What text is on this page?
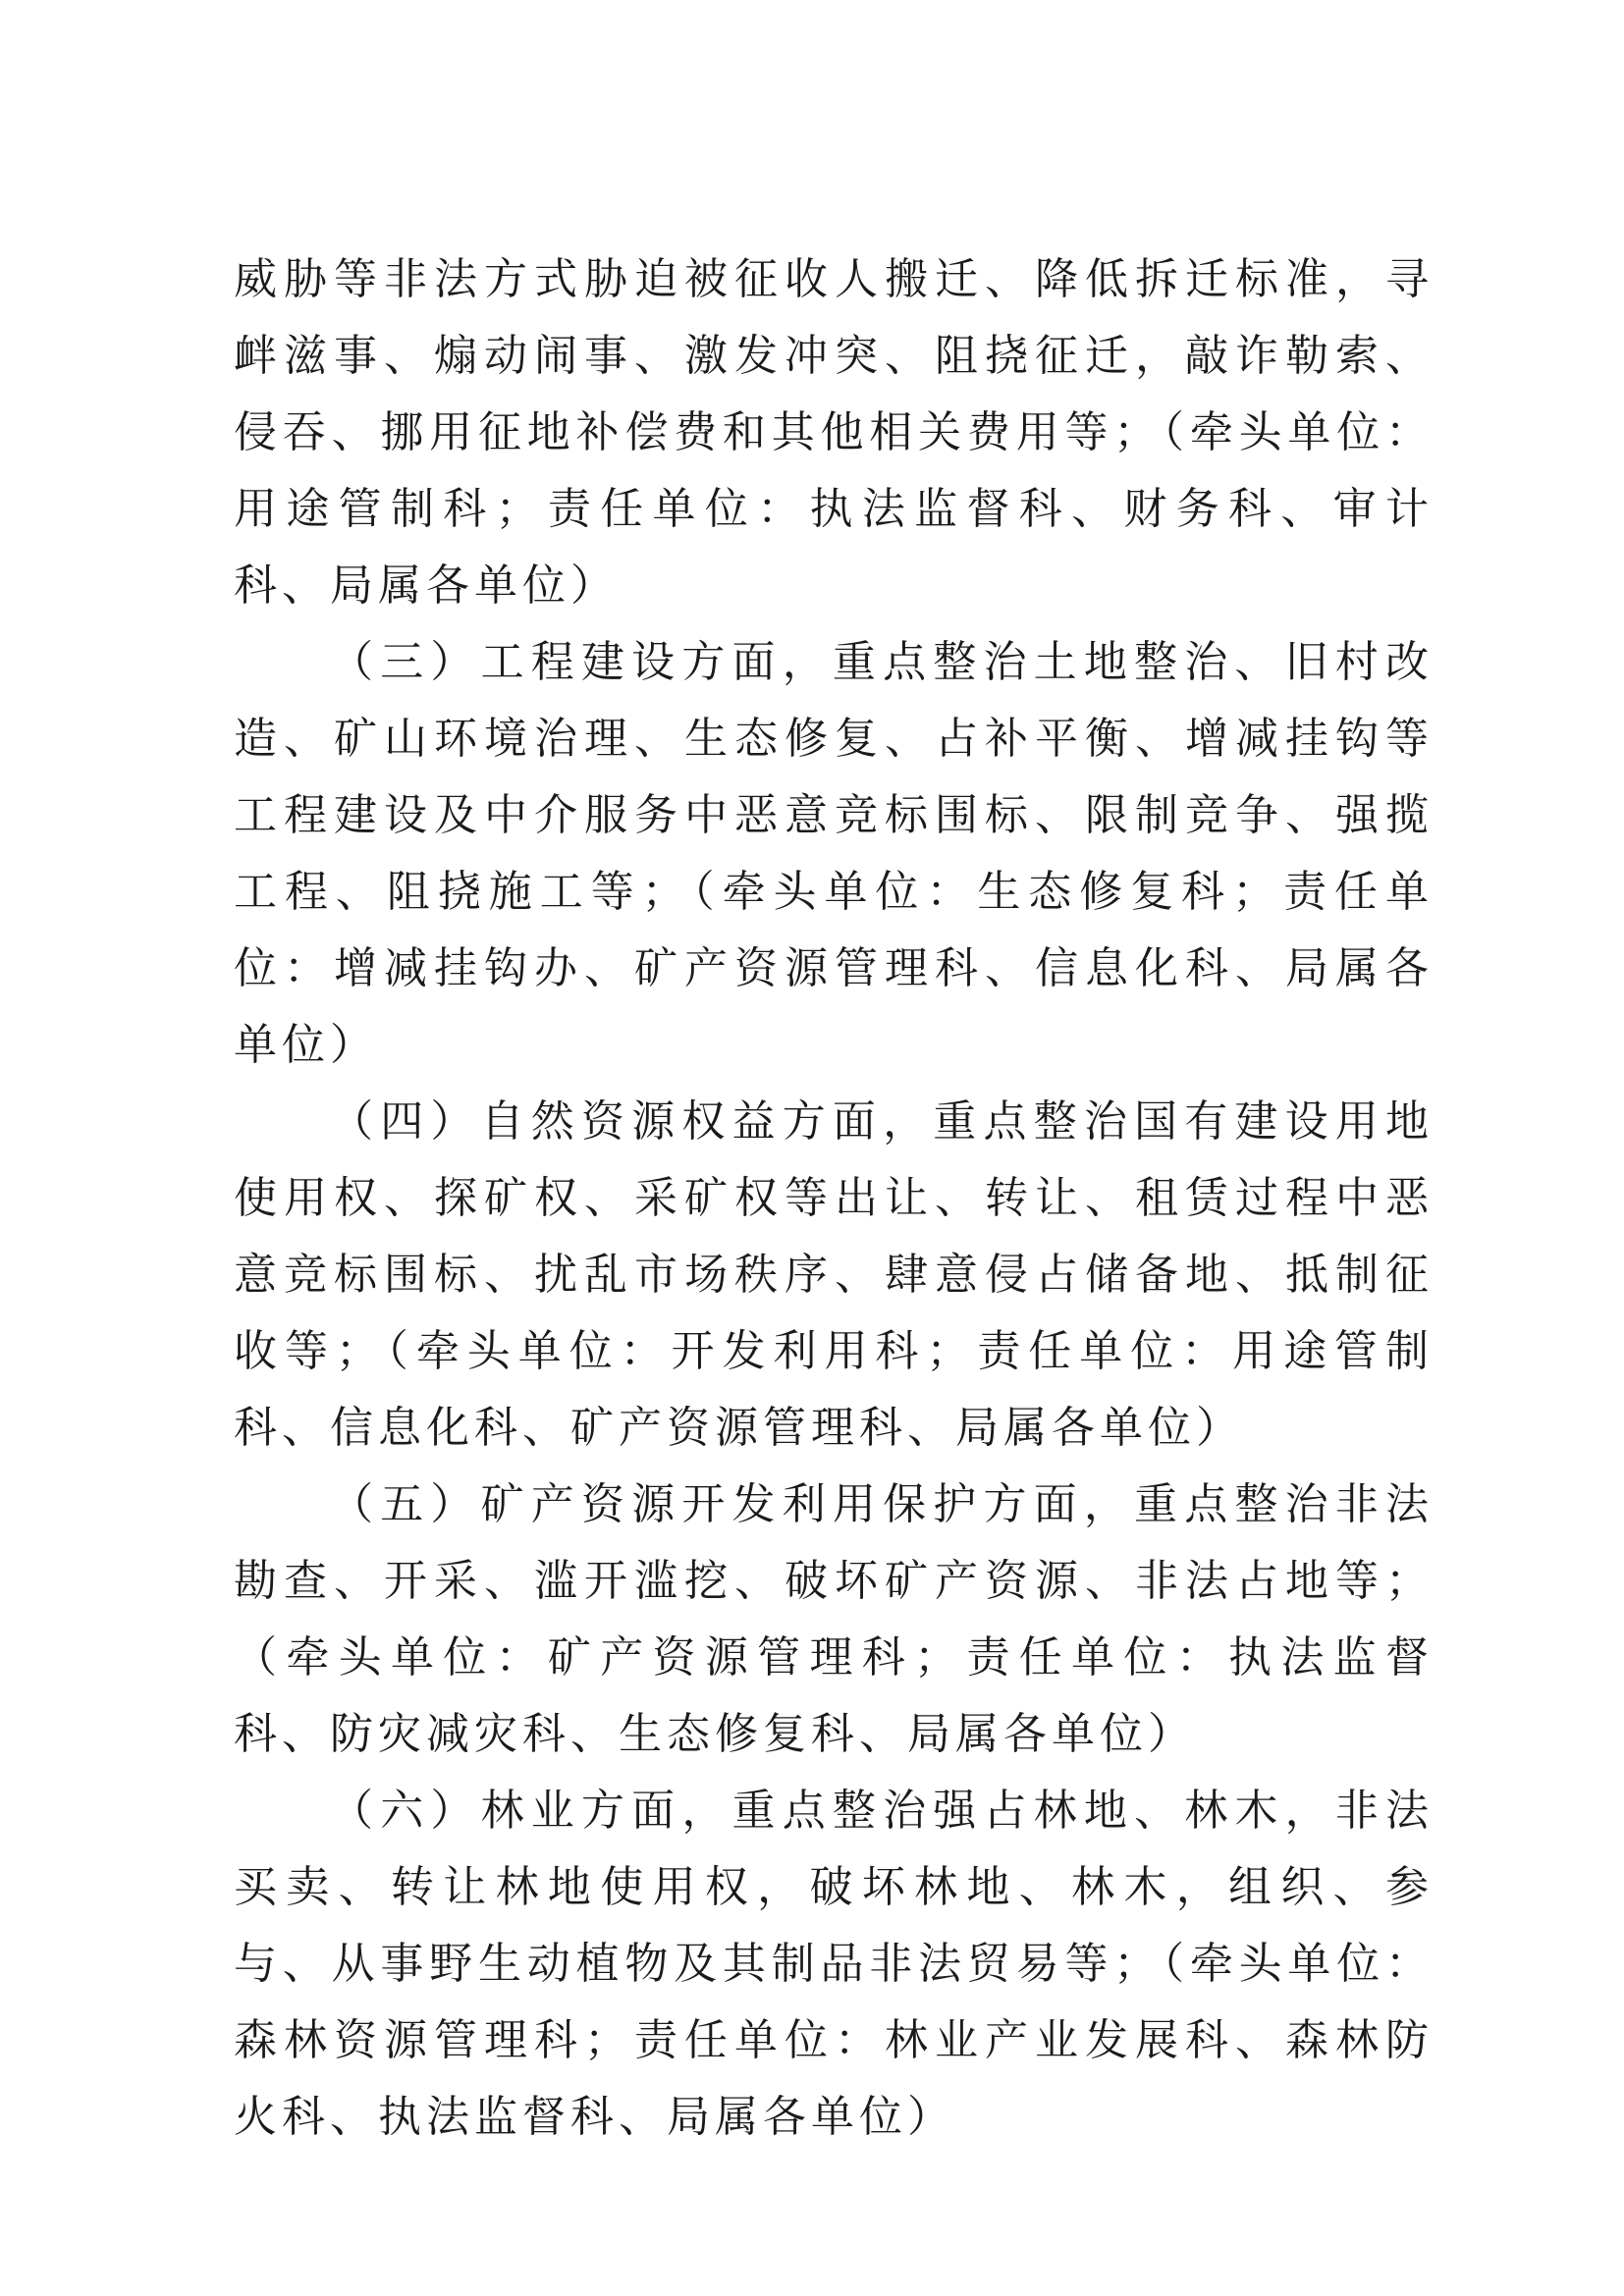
威胁等非法方式胁迫被征收人搬迁、降低拆迁标准，寻衅滋事、煽动闹事、激发冲突、阻挠征迁，敲诈勒索、侵吞、挪用征地补偿费和其他相关费用等；（牵头单位：用途管制科；责任单位：执法监督科、财务科、审计科、局属各单位）

（三）工程建设方面，重点整治土地整治、旧村改造、矿山环境治理、生态修复、占补平衡、增减挂钩等工程建设及中介服务中恶意竞标围标、限制竞争、强揽工程、阻挠施工等；（牵头单位：生态修复科；责任单位：增减挂钩办、矿产资源管理科、信息化科、局属各单位）

（四）自然资源权益方面，重点整治国有建设用地使用权、探矿权、采矿权等出让、转让、租赁过程中恶意竞标围标、扰乱市场秩序、肆意侵占储备地、抵制征收等；（牵头单位：开发利用科；责任单位：用途管制科、信息化科、矿产资源管理科、局属各单位）

（五）矿产资源开发利用保护方面，重点整治非法勘查、开采、滥开滥挖、破坏矿产资源、非法占地等；（牵头单位：矿产资源管理科；责任单位：执法监督科、防灾减灾科、生态修复科、局属各单位）

（六）林业方面，重点整治强占林地、林木，非法买卖、转让林地使用权，破坏林地、林木，组织、参与、从事野生动植物及其制品非法贸易等；（牵头单位：森林资源管理科；责任单位：林业产业发展科、森林防火科、执法监督科、局属各单位）
